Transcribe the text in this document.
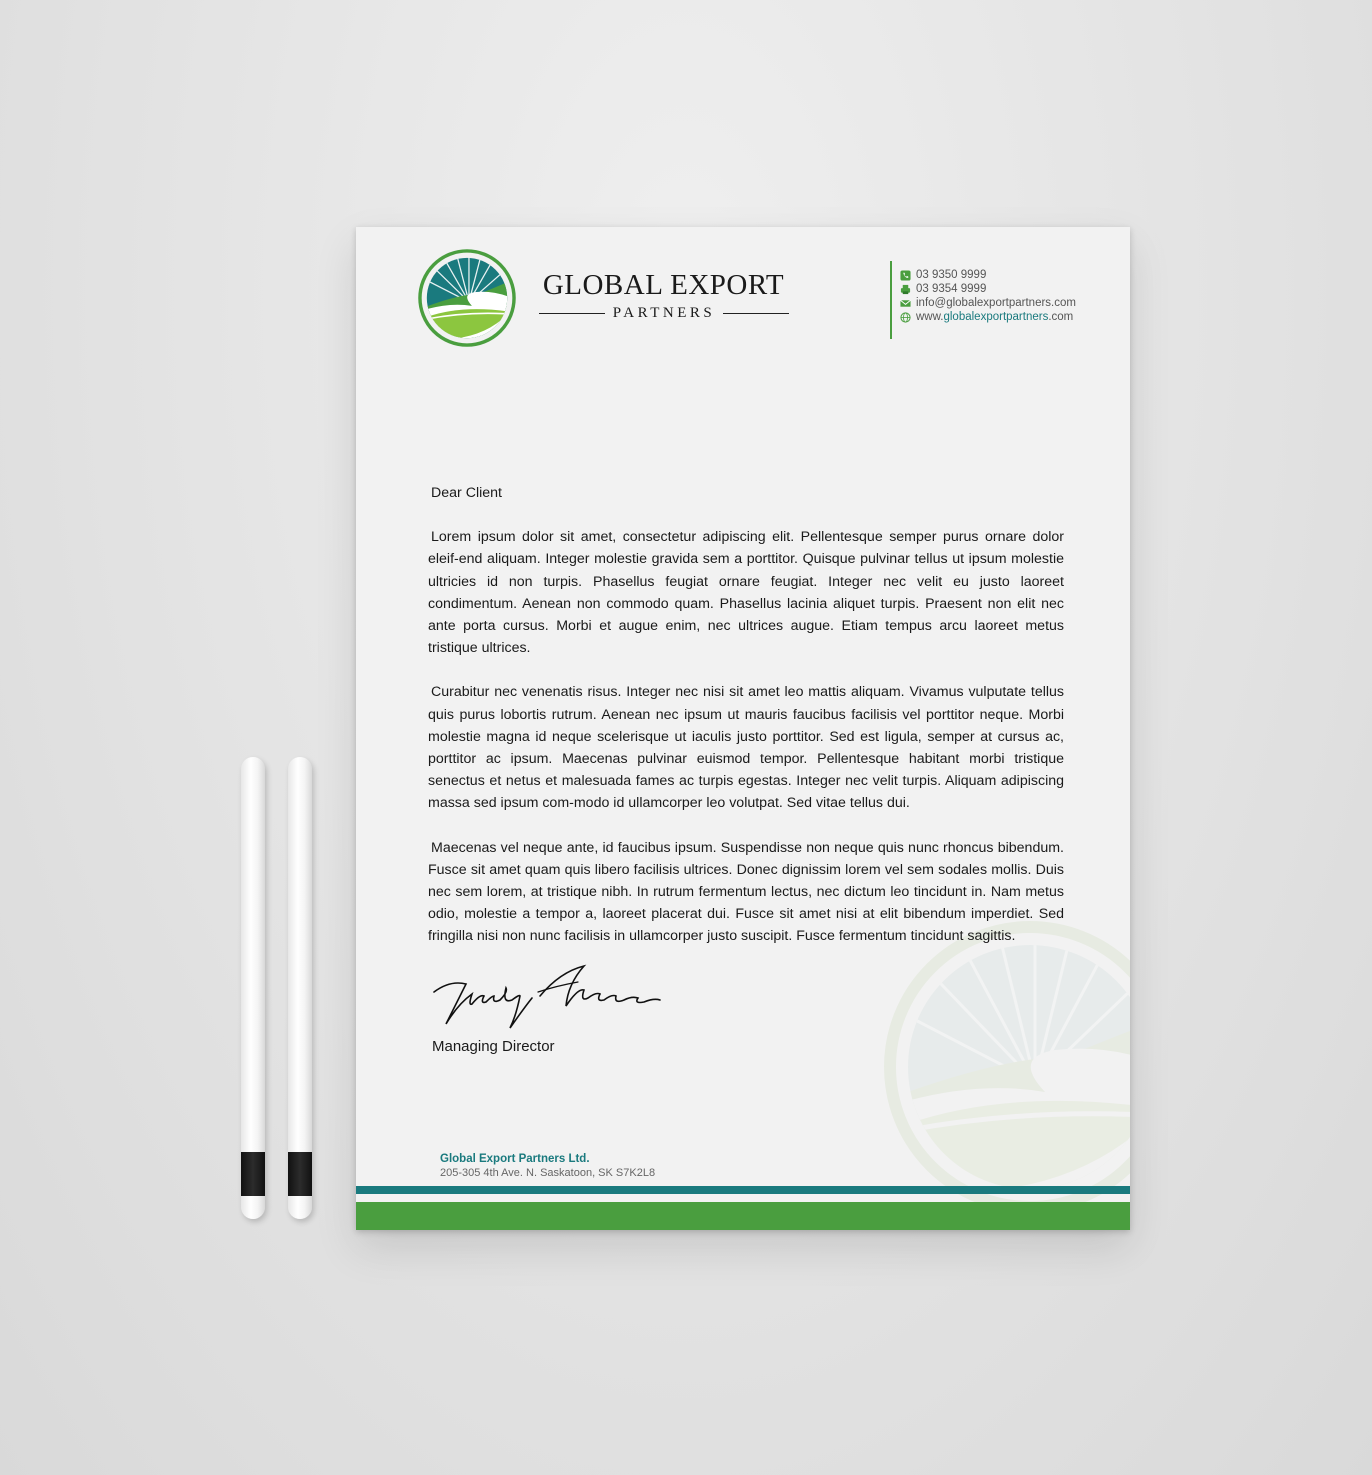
GLOBAL EXPORT
PARTNERS
03 9350 9999
03 9354 9999
info@globalexportpartners.com
www.globalexportpartners.com
Dear Client

Lorem ipsum dolor sit amet, consectetur adipiscing elit. Pellentesque semper purus ornare dolor eleif-end aliquam. Integer molestie gravida sem a porttitor. Quisque pulvinar tellus ut ipsum molestie ultricies id non turpis. Phasellus feugiat ornare feugiat. Integer nec velit eu justo laoreet condimentum. Aenean non commodo quam. Phasellus lacinia aliquet turpis. Praesent non elit nec ante porta cursus. Morbi et augue enim, nec ultrices augue. Etiam tempus arcu laoreet metus tristique ultrices.

Curabitur nec venenatis risus. Integer nec nisi sit amet leo mattis aliquam. Vivamus vulputate tellus quis purus lobortis rutrum. Aenean nec ipsum ut mauris faucibus facilisis vel porttitor neque. Morbi molestie magna id neque scelerisque ut iaculis justo porttitor. Sed est ligula, semper at cursus ac, porttitor ac ipsum. Maecenas pulvinar euismod tempor. Pellentesque habitant morbi tristique senectus et netus et malesuada fames ac turpis egestas. Integer nec velit turpis. Aliquam adipiscing massa sed ipsum com-modo id ullamcorper leo volutpat. Sed vitae tellus dui.

Maecenas vel neque ante, id faucibus ipsum. Suspendisse non neque quis nunc rhoncus bibendum. Fusce sit amet quam quis libero facilisis ultrices. Donec dignissim lorem vel sem sodales mollis. Duis nec sem lorem, at tristique nibh. In rutrum fermentum lectus, nec dictum leo tincidunt in. Nam metus odio, molestie a tempor a, laoreet placerat dui. Fusce sit amet nisi at elit bibendum imperdiet. Sed fringilla nisi non nunc facilisis in ullamcorper justo suscipit. Fusce fermentum tincidunt sagittis.

Managing Director
Global Export Partners Ltd.
205-305 4th Ave. N. Saskatoon, SK S7K2L8
